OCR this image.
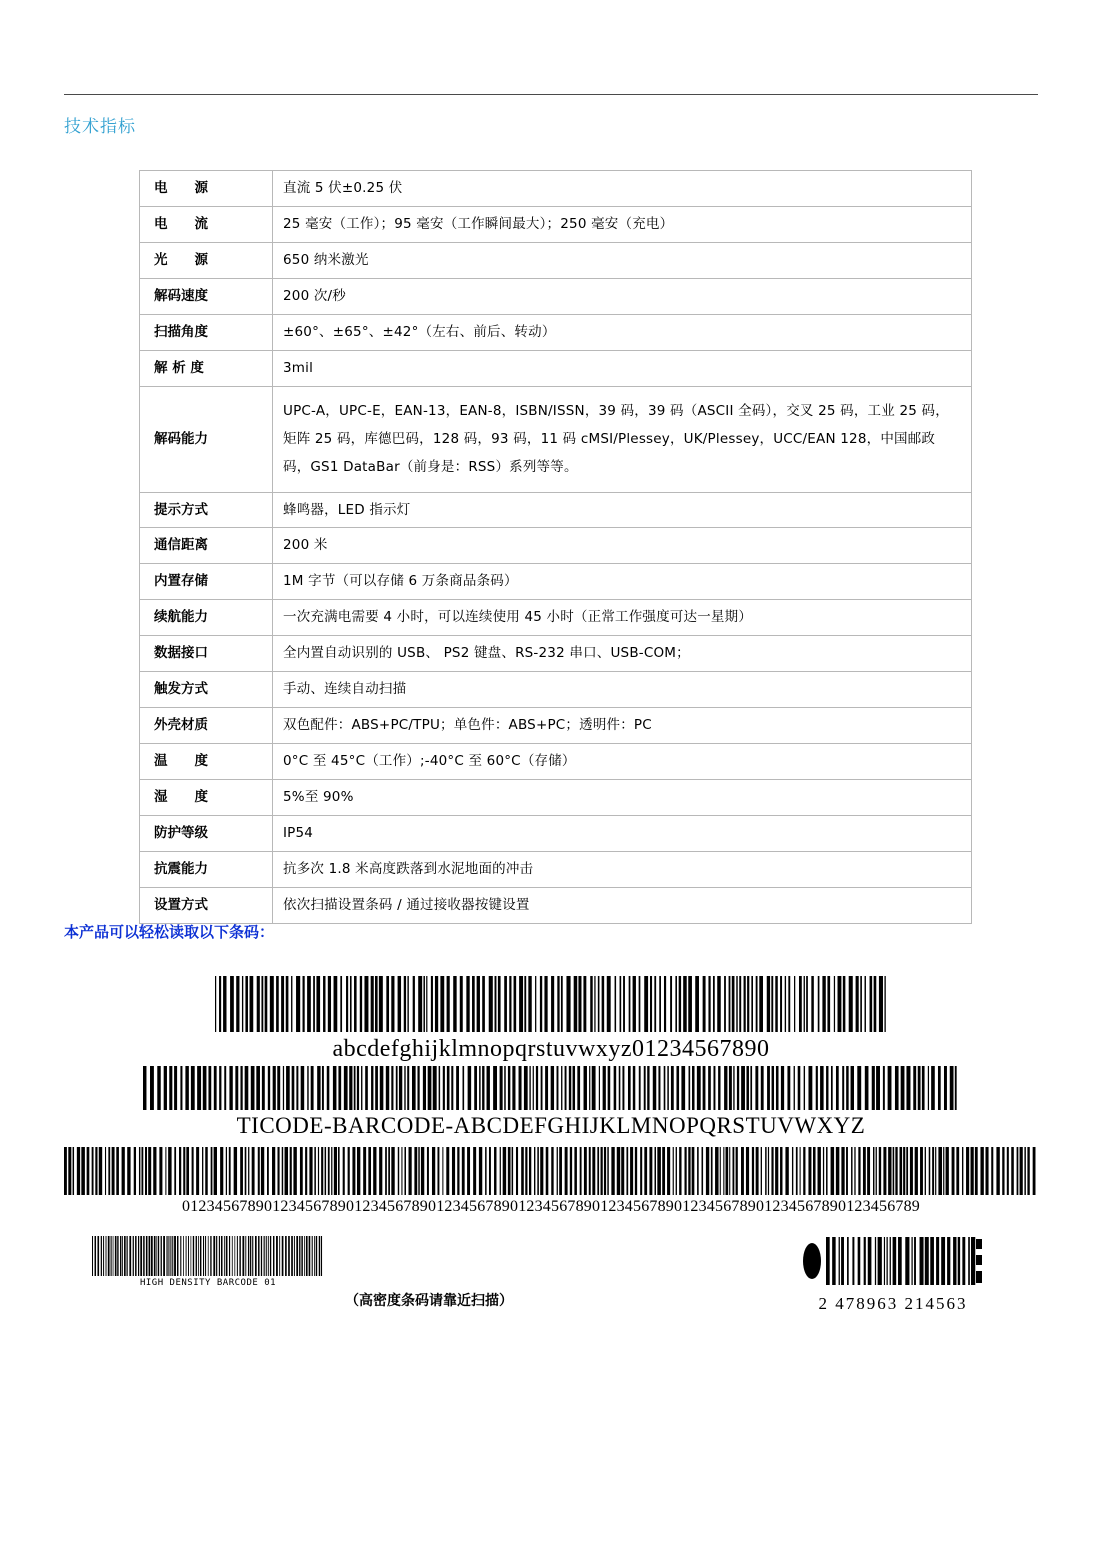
技术指标
电　　源	直流 5 伏±0.25 伏
电　　流	25 毫安（工作）；95 毫安（工作瞬间最大）；250 毫安（充电）
光　　源	650 纳米激光
解码速度	200 次/秒
扫描角度	±60°、±65°、±42°（左右、前后、转动）
解 析 度	3mil
解码能力	UPC-A，UPC-E，EAN-13，EAN-8，ISBN/ISSN，39 码，39 码（ASCII 全码），交叉 25 码，工业 25 码，矩阵 25 码，库德巴码，128 码，93 码，11 码 cMSI/Plessey，UK/Plessey，UCC/EAN 128，中国邮政码，GS1 DataBar（前身是：RSS）系列等等。
提示方式	蜂鸣器，LED 指示灯
通信距离	200 米
内置存储	1M 字节（可以存储 6 万条商品条码）
续航能力	一次充满电需要 4 小时，可以连续使用 45 小时（正常工作强度可达一星期）
数据接口	全内置自动识别的 USB、 PS2 键盘、RS-232 串口、USB-COM；
触发方式	手动、连续自动扫描
外壳材质	双色配件：ABS+PC/TPU；单色件：ABS+PC；透明件：PC
温　　度	0°C 至 45°C（工作）;-40°C 至 60°C（存储）
湿　　度	5%至 90%
防护等级	IP54
抗震能力	抗多次 1.8 米高度跌落到水泥地面的冲击
设置方式	依次扫描设置条码 / 通过接收器按键设置
本产品可以轻松读取以下条码：
abcdefghijklmnopqrstuvwxyz01234567890
TICODE-BARCODE-ABCDEFGHIJKLMNOPQRSTUVWXYZ
012345678901234567890123456789012345678901234567890123456789012345678901234567890123456789
HIGH DENSITY BARCODE 01
（高密度条码请靠近扫描）	2 478963 214563
